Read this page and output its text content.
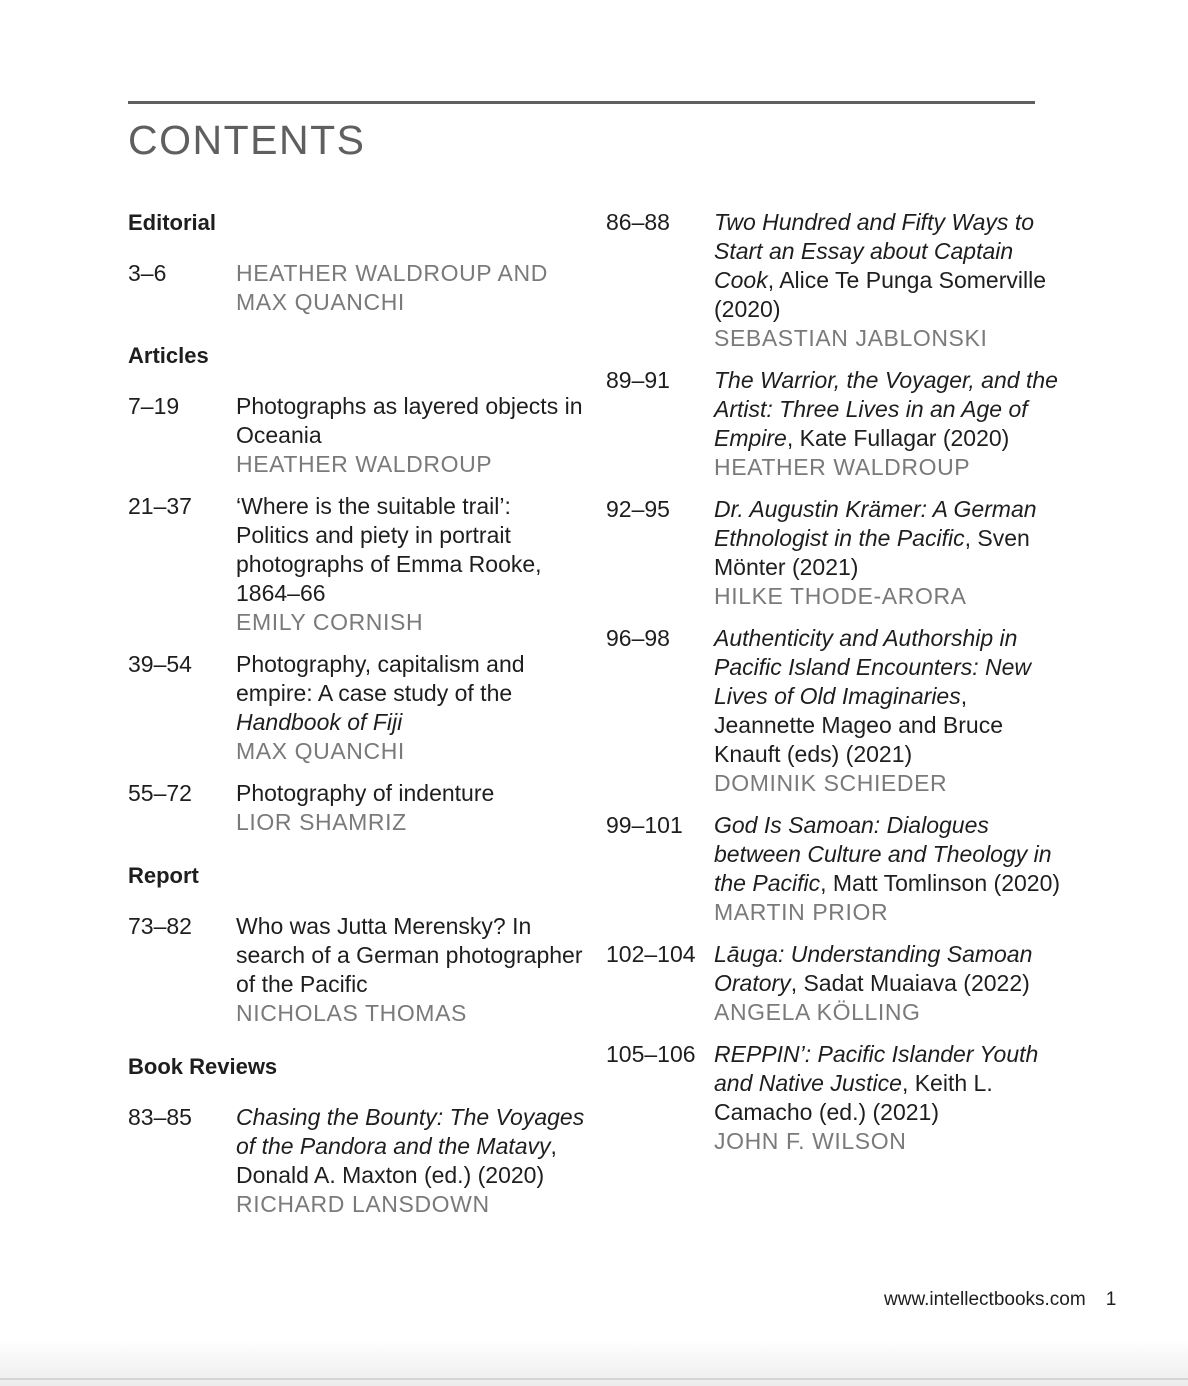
CONTENTS
Editorial
3–6	HEATHER WALDROUP AND MAX QUANCHI
Articles
7–19	Photographs as layered objects in Oceania
HEATHER WALDROUP
21–37	‘Where is the suitable trail’: Politics and piety in portrait photographs of Emma Rooke, 1864–66
EMILY CORNISH
39–54	Photography, capitalism and empire: A case study of the Handbook of Fiji
MAX QUANCHI
55–72	Photography of indenture
LIOR SHAMRIZ
Report
73–82	Who was Jutta Merensky? In search of a German photographer of the Pacific
NICHOLAS THOMAS
Book Reviews
83–85	Chasing the Bounty: The Voyages of the Pandora and the Matavy, Donald A. Maxton (ed.) (2020)
RICHARD LANSDOWN
86–88	Two Hundred and Fifty Ways to Start an Essay about Captain Cook, Alice Te Punga Somerville (2020)
SEBASTIAN JABLONSKI
89–91	The Warrior, the Voyager, and the Artist: Three Lives in an Age of Empire, Kate Fullagar (2020)
HEATHER WALDROUP
92–95	Dr. Augustin Krämer: A German Ethnologist in the Pacific, Sven Mönter (2021)
HILKE THODE-ARORA
96–98	Authenticity and Authorship in Pacific Island Encounters: New Lives of Old Imaginaries, Jeannette Mageo and Bruce Knauft (eds) (2021)
DOMINIK SCHIEDER
99–101	God Is Samoan: Dialogues between Culture and Theology in the Pacific, Matt Tomlinson (2020)
MARTIN PRIOR
102–104 Lāuga: Understanding Samoan Oratory, Sadat Muaiava (2022)
ANGELA KÖLLING
105–106 REPPIN’: Pacific Islander Youth and Native Justice, Keith L. Camacho (ed.) (2021)
JOHN F. WILSON
www.intellectbooks.com 1
